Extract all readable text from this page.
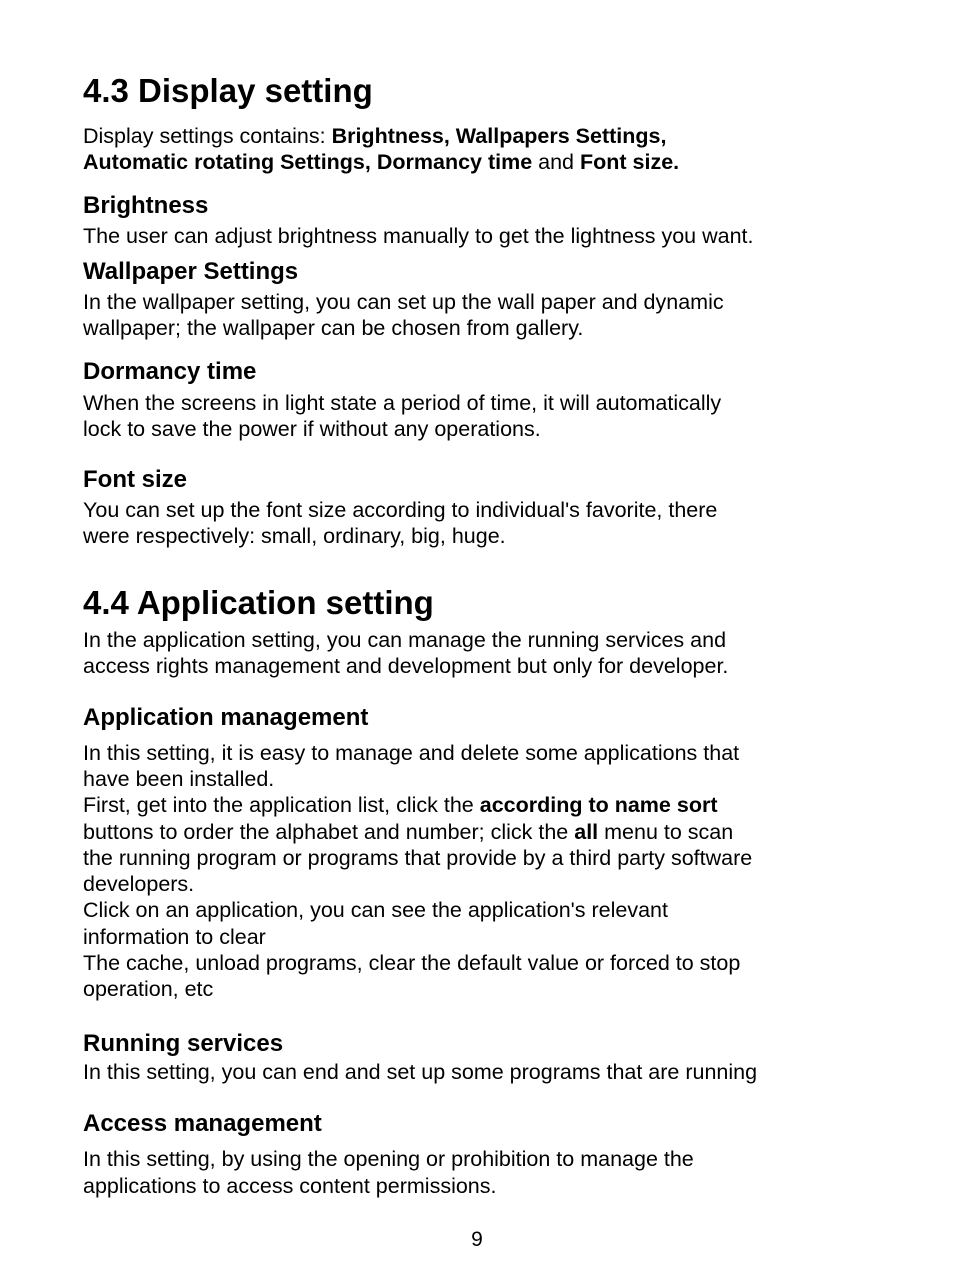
4.3 Display setting

Display settings contains: Brightness, Wallpapers Settings,

Automatic rotating Settings, Dormancy time and Font size.

Brightness

The user can adjust brightness manually to get the lightness you want.

Wallpaper Settings

In the wallpaper setting, you can set up the wall paper and dynamic

wallpaper; the wallpaper can be chosen from gallery.

Dormancy time

When the screens in light state a period of time, it will automatically

lock to save the power if without any operations.

Font size

You can set up the font size according to individual's favorite, there

were respectively: small, ordinary, big, huge.

4.4 Application setting

In the application setting, you can manage the running services and

access rights management and development but only for developer.

Application management

In this setting, it is easy to manage and delete some applications that

have been installed.

First, get into the application list, click the according to name sort

buttons to order the alphabet and number; click the all menu to scan

the running program or programs that provide by a third party software

developers.

Click on an application, you can see the application's relevant

information to clear

The cache, unload programs, clear the default value or forced to stop

operation, etc

Running services

In this setting, you can end and set up some programs that are running

Access management

In this setting, by using the opening or prohibition to manage the

applications to access content permissions.

9
